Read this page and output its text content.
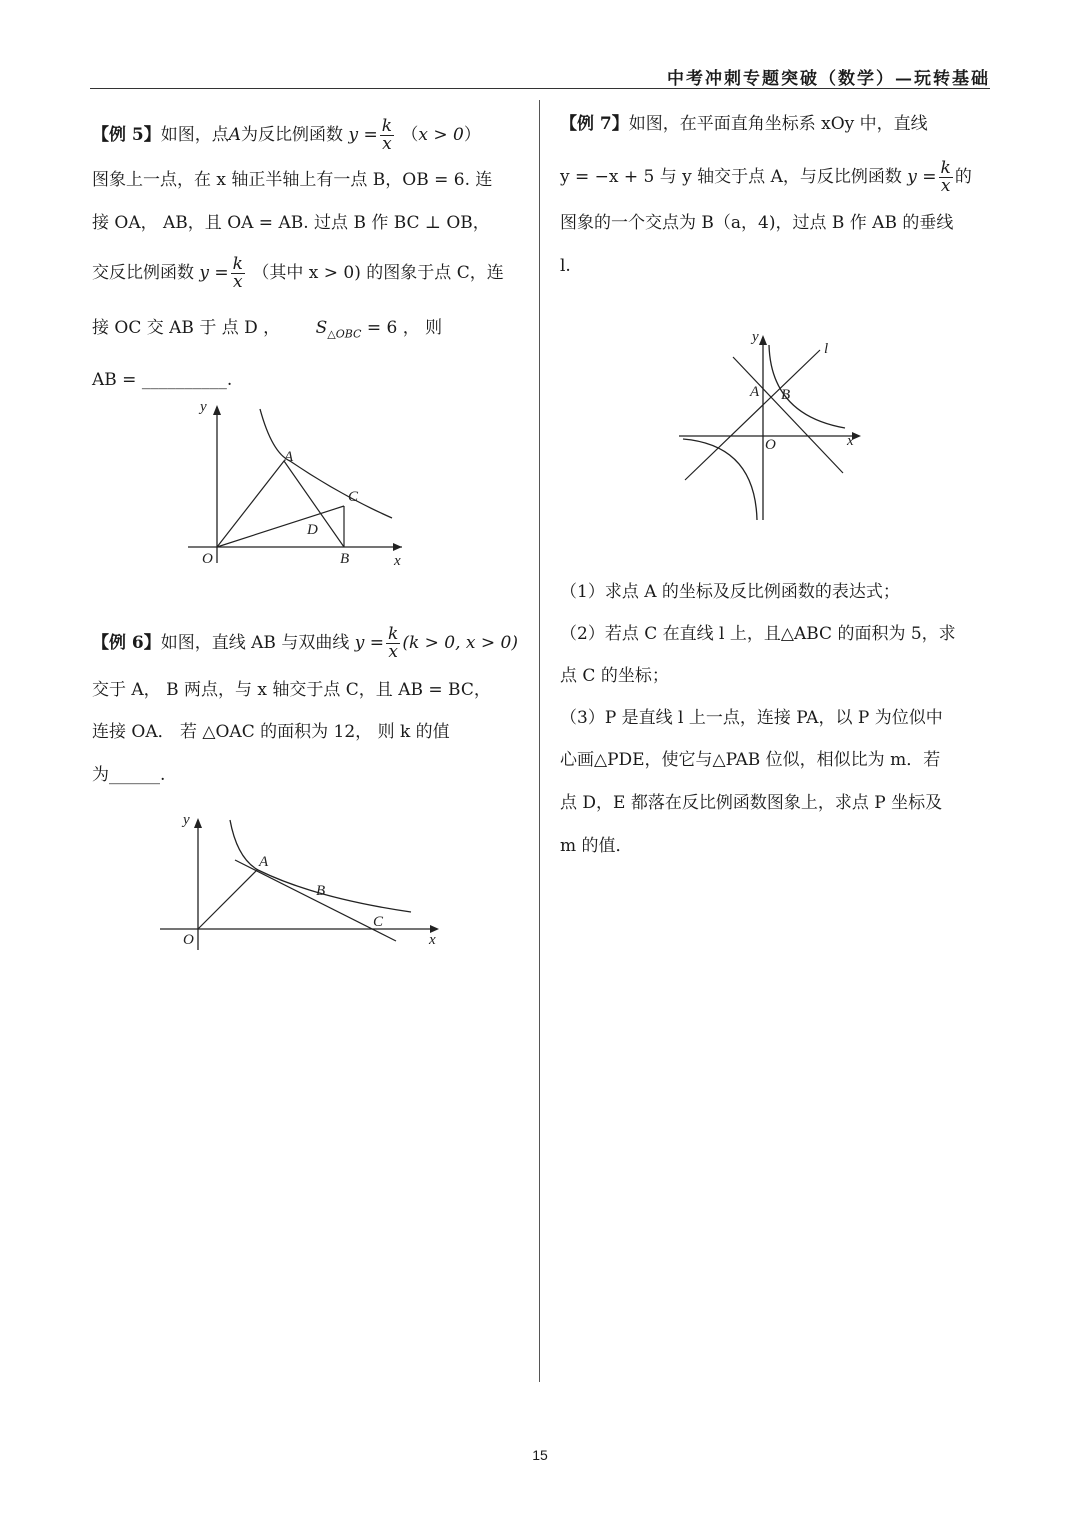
中考冲刺专题突破（数学）—玩转基础
【例 5】如图，点A为反比例函数 $y = \frac{k}{x} (x > 0)$
图象上一点，在 x 轴正半轴上有一点 B，OB = 6. 连
接 OA， AB，且 OA = AB. 过点 B 作 BC ⊥ OB，
交反比例函数 $y = \frac{k}{x}$ （其中 x > 0) 的图象于点 C，连
接 OC 交 AB 于 点 D ， $S_{\triangle OBC} = 6$ ， 则
AB = __________.
y
x
O
A
B
C
D
【例 6】如图，直线 AB 与双曲线 $y = \frac{k}{x} (k > 0$, x > 0)
交于 A， B 两点，与 x 轴交于点 C，且 AB = BC，
连接 OA． 若 △OAC 的面积为 12， 则 k 的值
为______.
y
x
O
A
B
C
【例 7】如图，在平面直角坐标系 xOy 中，直线
y = −x + 5 与 y 轴交于点 A，与反比例函数 $y = \frac{k}{x}$ 的
图象的一个交点为 B（a，4)，过点 B 作 AB 的垂线
l.
y
x
O
A B
l
（1）求点 A 的坐标及反比例函数的表达式；
（2）若点 C 在直线 l 上，且△ABC 的面积为 5，求
点 C 的坐标；
（3）P 是直线 l 上一点，连接 PA，以 P 为位似中
心画△PDE，使它与△PAB 位似，相似比为 m．若
点 D，E 都落在反比例函数图象上，求点 P 坐标及
m 的值．
15
